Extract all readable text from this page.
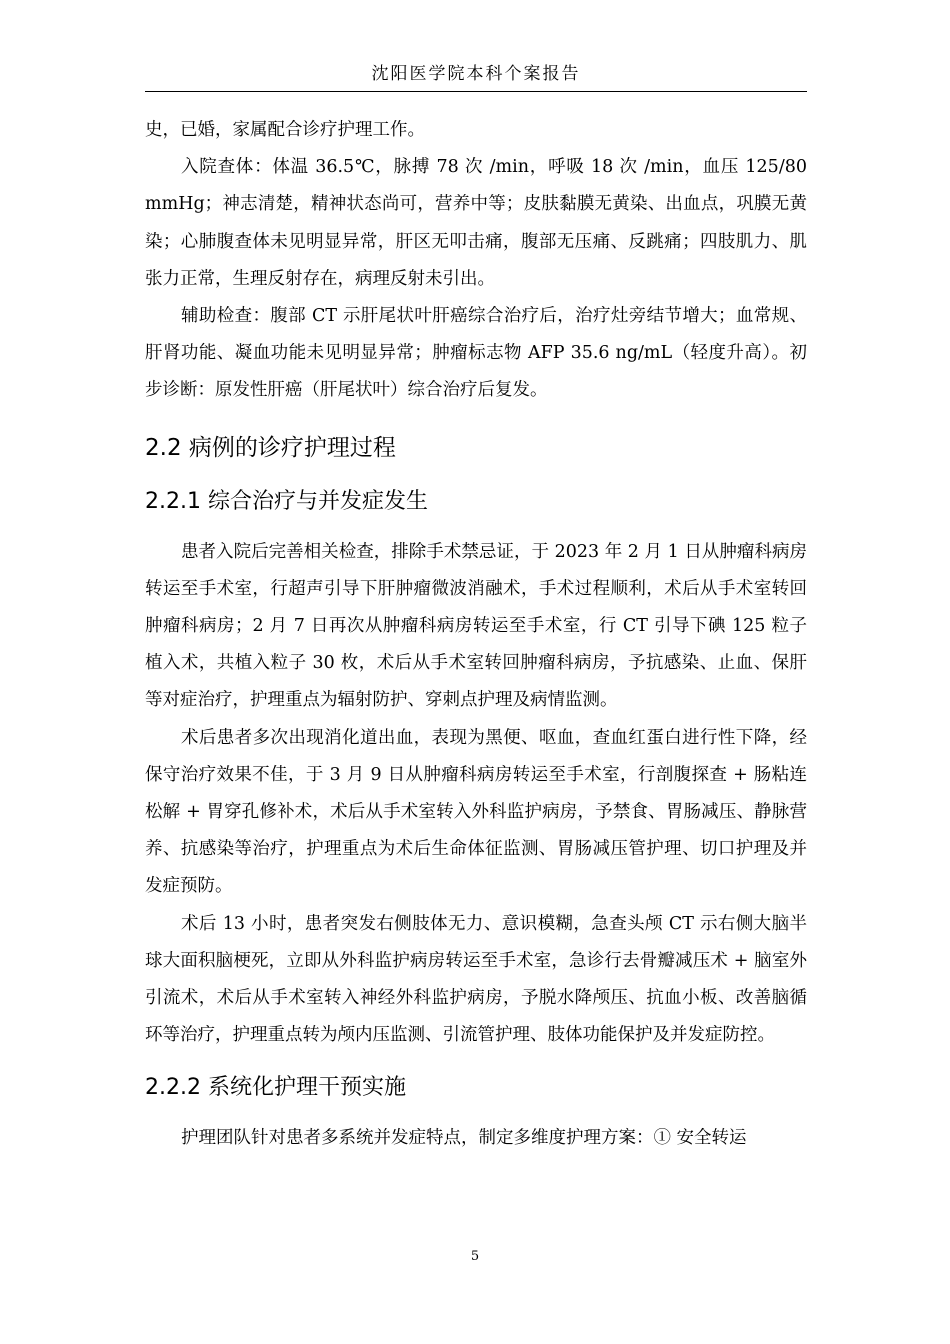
沈阳医学院本科个案报告

史，已婚，家属配合诊疗护理工作。

入院查体：体温 36.5℃，脉搏 78 次 /min，呼吸 18 次 /min，血压 125/80 mmHg；神志清楚，精神状态尚可，营养中等；皮肤黏膜无黄染、出血点，巩膜无黄染；心肺腹查体未见明显异常，肝区无叩击痛，腹部无压痛、反跳痛；四肢肌力、肌张力正常，生理反射存在，病理反射未引出。

辅助检查：腹部 CT 示肝尾状叶肝癌综合治疗后，治疗灶旁结节增大；血常规、肝肾功能、凝血功能未见明显异常；肿瘤标志物 AFP 35.6 ng/mL（轻度升高）。初步诊断：原发性肝癌（肝尾状叶）综合治疗后复发。

2.2 病例的诊疗护理过程
2.2.1 综合治疗与并发症发生

患者入院后完善相关检查，排除手术禁忌证，于 2023 年 2 月 1 日从肿瘤科病房转运至手术室，行超声引导下肝肿瘤微波消融术，手术过程顺利，术后从手术室转回肿瘤科病房；2 月 7 日再次从肿瘤科病房转运至手术室，行 CT 引导下碘 125 粒子植入术，共植入粒子 30 枚，术后从手术室转回肿瘤科病房，予抗感染、止血、保肝等对症治疗，护理重点为辐射防护、穿刺点护理及病情监测。

术后患者多次出现消化道出血，表现为黑便、呕血，查血红蛋白进行性下降，经保守治疗效果不佳，于 3 月 9 日从肿瘤科病房转运至手术室，行剖腹探查 + 肠粘连松解 + 胃穿孔修补术，术后从手术室转入外科监护病房，予禁食、胃肠减压、静脉营养、抗感染等治疗，护理重点为术后生命体征监测、胃肠减压管护理、切口护理及并发症预防。

术后 13 小时，患者突发右侧肢体无力、意识模糊，急查头颅 CT 示右侧大脑半球大面积脑梗死，立即从外科监护病房转运至手术室，急诊行去骨瓣减压术 + 脑室外引流术，术后从手术室转入神经外科监护病房，予脱水降颅压、抗血小板、改善脑循环等治疗，护理重点转为颅内压监测、引流管护理、肢体功能保护及并发症防控。

2.2.2 系统化护理干预实施

护理团队针对患者多系统并发症特点，制定多维度护理方案：① 安全转运

5
